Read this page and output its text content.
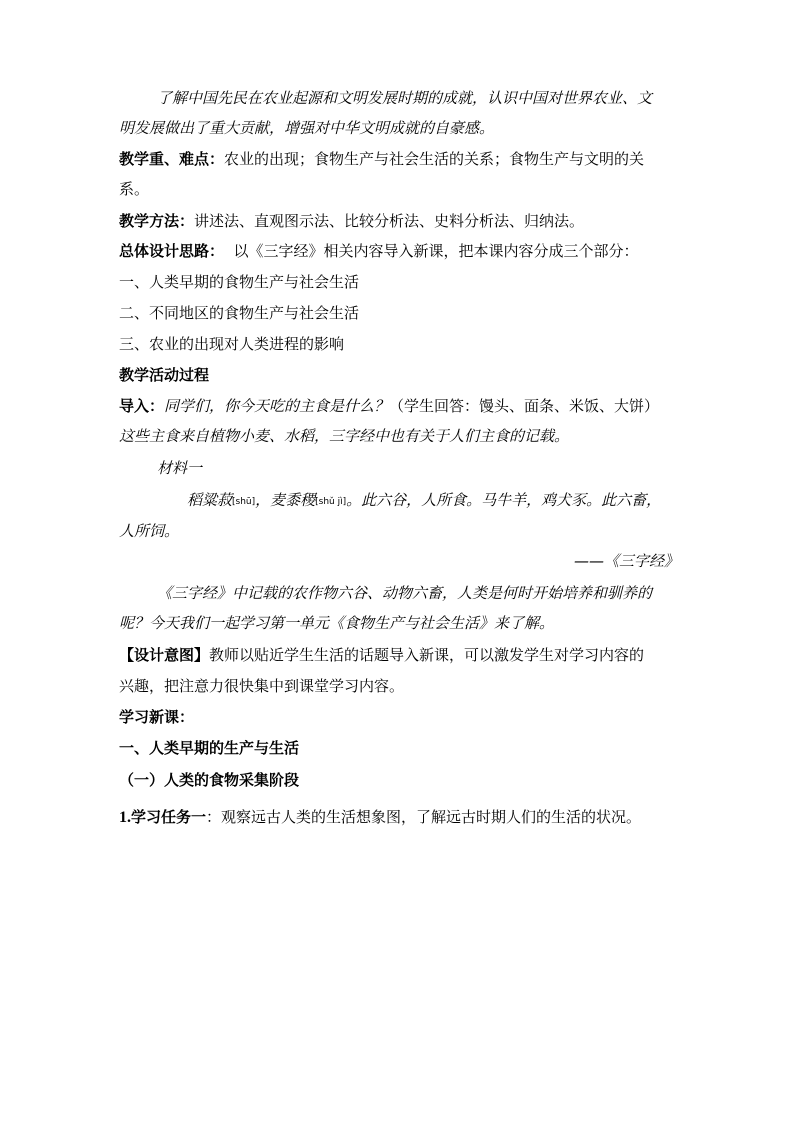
了解中国先民在农业起源和文明发展时期的成就，认识中国对世界农业、文
明发展做出了重大贡献，增强对中华文明成就的自豪感。
教学重、难点：农业的出现；食物生产与社会生活的关系；食物生产与文明的关
系。
教学方法：讲述法、直观图示法、比较分析法、史料分析法、归纳法。
总体设计思路：  以《三字经》相关内容导入新课，把本课内容分成三个部分：
一、人类早期的食物生产与社会生活
二、不同地区的食物生产与社会生活
三、农业的出现对人类进程的影响
教学活动过程
导入：同学们，你今天吃的主食是什么？（学生回答：馒头、面条、米饭、大饼）
这些主食来自植物小麦、水稻，三字经中也有关于人们主食的记载。
材料一
稻粱菽[shū]，麦黍稷[shǔ jì]。此六谷，人所食。马牛羊，鸡犬豕。此六畜，
人所饲。
——《三字经》
《三字经》中记载的农作物六谷、动物六畜，人类是何时开始培养和驯养的
呢？今天我们一起学习第一单元《食物生产与社会生活》来了解。
【设计意图】教师以贴近学生生活的话题导入新课，可以激发学生对学习内容的
兴趣，把注意力很快集中到课堂学习内容。
学习新课：
一、人类早期的生产与生活
（一）人类的食物采集阶段
1.学习任务一：观察远古人类的生活想象图，了解远古时期人们的生活的状况。
